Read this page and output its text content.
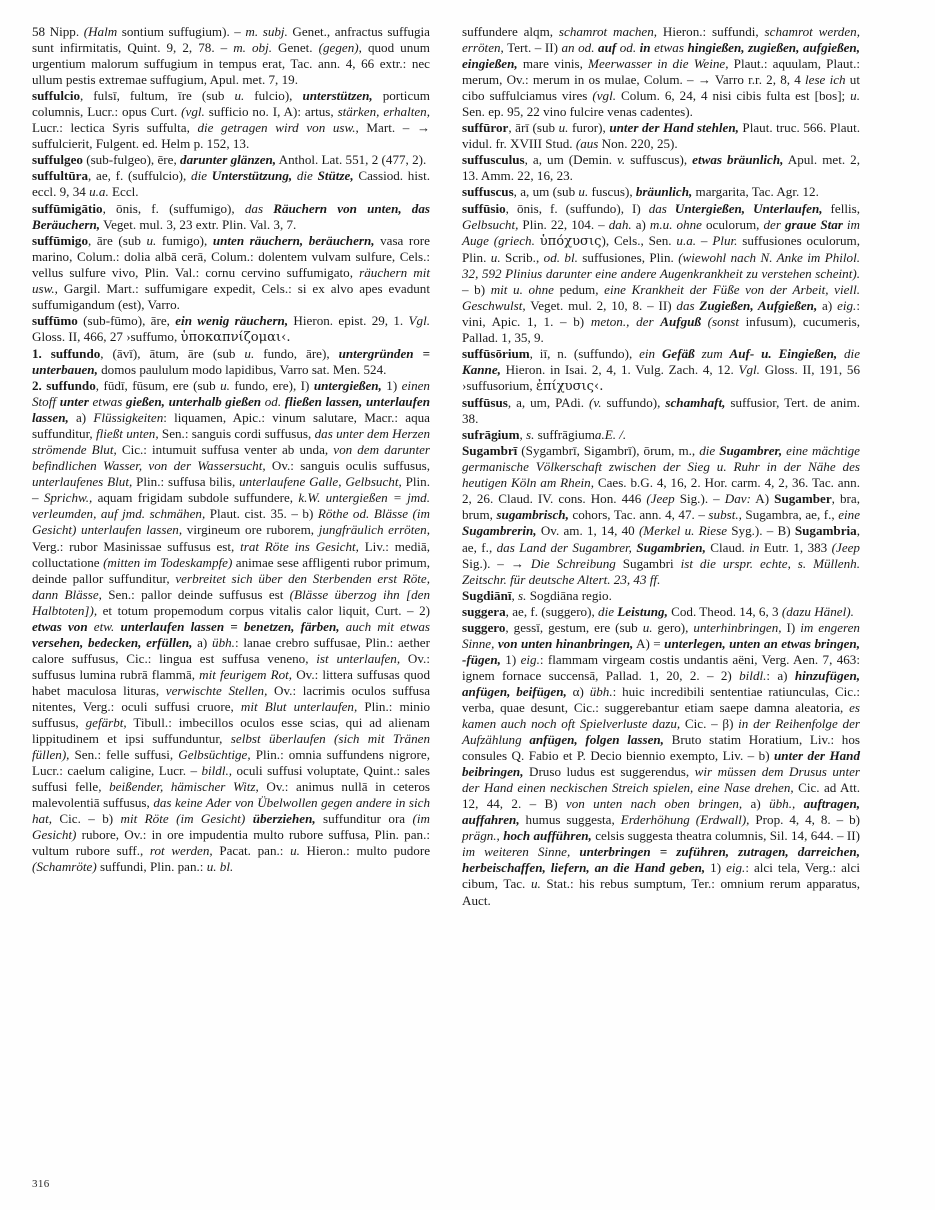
58 Nipp. (Halm sontium suffugium). – m. subj. Genet., anfractus suffugia sunt infirmitatis, Quint. 9, 2, 78. – m. obj. Genet. (gegen), quod unum urgentium malorum suffugium in tempus erat, Tac. ann. 4, 66 extr.: nec ullum pestis extremae suffugium, Apul. met. 7, 19.

suffulcio, fulsī, fultum, īre (sub u. fulcio), unterstützen, porticum columnis, Lucr.: opus Curt. (vgl. sufficio no. I, A): artus, stärken, erhalten, Lucr.: lectica Syris suffulta, die getragen wird von usw., Mart. – → suffulcierit, Fulgent. ed. Helm p. 152, 13.

suffulgeo (sub-fulgeo), ēre, darunter glänzen, Anthol. Lat. 551, 2 (477, 2).

suffultūra, ae, f. (suffulcio), die Unterstützung, die Stütze, Cassiod. hist. eccl. 9, 34 u.a. Eccl.

suffūmigātio, ōnis, f. (suffumigo), das Räuchern von unten, das Beräuchern, Veget. mul. 3, 23 extr. Plin. Val. 3, 7.

suffūmigo, āre (sub u. fumigo), unten räuchern, beräuchern, vasa rore marino, Colum.: dolia albā cerā, Colum.: dolentem vulvam sulfure, Cels.: vellus sulfure vivo, Plin. Val.: cornu cervino suffumigato, räuchern mit usw., Gargil. Mart.: suffumigare expedit, Cels.: si ex alvo apes evadunt suffumigandum (est), Varro.

suffūmo (sub-fūmo), āre, ein wenig räuchern, Hieron. epist. 29, 1. Vgl. Gloss. II, 466, 27 ›suffumo, ὑποκαπνίζομαι‹.

1. suffundo, (āvī), ātum, āre (sub u. fundo, āre), untergründen = unterbauen, domos paululum modo lapidibus, Varro sat. Men. 524.

2. suffundo, fūdī, fūsum, ere (sub u. fundo, ere), I) untergießen, 1) einen Stoff unter etwas gießen, unterhalb gießen od. fließen lassen, unterlaufen lassen, a) Flüssigkeiten: liquamen, Apic.: vinum salutare, Macr.: aqua suffunditur, fließt unten, Sen.: sanguis cordi suffusus, das unter dem Herzen strömende Blut, Cic.: intumuit suffusa venter ab unda, von dem darunter befindlichen Wasser, von der Wassersucht, Ov.: sanguis oculis suffusus, unterlaufenes Blut, Plin.: suffusa bilis, unterlaufene Galle, Gelbsucht, Plin. – Sprichw., aquam frigidam subdole suffundere, k.W. untergießen = jmd. verleumden, auf jmd. schmähen, Plaut. cist. 35. – b) Röthe od. Blässe (im Gesicht) unterlaufen lassen, virgineum ore ruborem, jungfräulich erröten, Verg.: rubor Masinissae suffusus est, trat Röte ins Gesicht, Liv.: mediā, colluctatione (mitten im Todeskampfe) animae sese affligenti rubor primum, deinde pallor suffunditur, verbreitet sich über den Sterbenden erst Röte, dann Blässe, Sen.: pallor deinde suffusus est (Blässe überzog ihn [den Halbtoten]), et totum propemodum corpus vitalis calor liquit, Curt. – 2) etwas von etw. unterlaufen lassen = benetzen, färben, auch mit etwas versehen, bedecken, erfüllen, a) übh.: lanae crebro suffusae, Plin.: aether calore suffusus, Cic.: lingua est suffusa veneno, ist unterlaufen, Ov.: suffusus lumina rubrā flammā, mit feurigem Rot, Ov.: littera suffusas quod habet maculosa lituras, verwischte Stellen, Ov.: lacrimis oculos suffusa nitentes, Verg.: oculi suffusi cruore, mit Blut unterlaufen, Plin.: minio suffusus, gefärbt, Tibull.: imbecillos oculos esse scias, qui ad alienam lippitudinem et ipsi suffunduntur, selbst überlaufen (sich mit Tränen füllen), Sen.: felle suffusi, Gelbsüchtige, Plin.: omnia suffundens nigrore, Lucr.: caelum caligine, Lucr. – bildl., oculi suffusi voluptate, Quint.: sales suffusi felle, beißender, hämischer Witz, Ov.: animus nullā in ceteros malevolentiā suffusus, das keine Ader von Übelwollen gegen andere in sich hat, Cic. – b) mit Röte (im Gesicht) überziehen, suffunditur ora (im Gesicht) rubore, Ov.: in ore impudentia multo rubore suffusa, Plin. pan.: vultum rubore suff., rot werden, Pacat. pan.: u. Hieron.: multo pudore (Schamröte) suffundi, Plin. pan.: u. bl.

suffundere alqm, schamrot machen, Hieron.: suffundi, schamrot werden, erröten, Tert. – II) an od. auf od. in etwas hingießen, zugießen, aufgießen, eingießen, mare vinis, Meerwasser in die Weine, Plaut.: aquulam, Plaut.: merum, Ov.: merum in os mulae, Colum. – → Varro r.r. 2, 8, 4 lese ich ut cibo suffulciamus vires (vgl. Colum. 6, 24, 4 nisi cibis fulta est [bos]; u. Sen. ep. 95, 22 vino fulcire venas cadentes).

suffūror, ārī (sub u. furor), unter der Hand stehlen, Plaut. truc. 566. Plaut. vidul. fr. XVIII Stud. (aus Non. 220, 25).

suffusculus, a, um (Demin. v. suffuscus), etwas bräunlich, Apul. met. 2, 13. Amm. 22, 16, 23.

suffuscus, a, um (sub u. fuscus), bräunlich, margarita, Tac. Agr. 12.

suffūsio, ōnis, f. (suffundo), I) das Untergießen, Unterlaufen, fellis, Gelbsucht, Plin. 22, 104. – dah. a) m.u. ohne oculorum, der graue Star im Auge (griech. ὑπόχυσις), Cels., Sen. u.a. – Plur. suffusiones oculorum, Plin. u. Scrib., od. bl. suffusiones, Plin. (wiewohl nach N. Anke im Philol. 32, 592 Plinius darunter eine andere Augenkrankheit zu verstehen scheint). – b) mit u. ohne pedum, eine Krankheit der Füße von der Arbeit, viell. Geschwulst, Veget. mul. 2, 10, 8. – II) das Zugießen, Aufgießen, a) eig.: vini, Apic. 1, 1. – b) meton., der Aufguß (sonst infusum), cucumeris, Pallad. 1, 35, 9.

suffūsōrium, iī, n. (suffundo), ein Gefäß zum Auf- u. Eingießen, die Kanne, Hieron. in Isai. 2, 4, 1. Vulg. Zach. 4, 12. Vgl. Gloss. II, 191, 56 ›suffusorium, ἐπίχυσις‹.

suffūsus, a, um, PAdi. (v. suffundo), schamhaft, suffusior, Tert. de anim. 38.

sufrāgium, s. suffrāgiuma.E. /.

Sugambrī (Sygambrī, Sigambrī), ōrum, m., die Sugambrer, eine mächtige germanische Völkerschaft zwischen der Sieg u. Ruhr in der Nähe des heutigen Köln am Rhein, Caes. b.G. 4, 16, 2. Hor. carm. 4, 2, 36. Tac. ann. 2, 26. Claud. IV. cons. Hon. 446 (Jeep Sig.). – Dav: A) Sugamber, bra, brum, sugambrisch, cohors, Tac. ann. 4, 47. – subst., Sugambra, ae, f., eine Sugambrerin, Ov. am. 1, 14, 40 (Merkel u. Riese Syg.). – B) Sugambria, ae, f., das Land der Sugambrer, Sugambrien, Claud. in Eutr. 1, 383 (Jeep Sig.). – → Die Schreibung Sugambri ist die urspr. echte, s. Müllenh. Zeitschr. für deutsche Altert. 23, 43 ff.

Sugdiānī, s. Sogdiāna regio.

suggera, ae, f. (suggero), die Leistung, Cod. Theod. 14, 6, 3 (dazu Hänel).

suggero, gessī, gestum, ere (sub u. gero), unterhinbringen, I) im engeren Sinne, von unten hinanbringen, A) = unterlegen, unten an etwas bringen, -fügen, 1) eig.: flammam virgeam costis undantis aëni, Verg. Aen. 7, 463: ignem fornace succensā, Pallad. 1, 20, 2. – 2) bildl.: a) hinzufügen, anfügen, beifügen, α) übh.: huic incredibili sententiae ratiunculas, Cic.: verba, quae desunt, Cic.: suggerebantur etiam saepe damna aleatoria, es kamen auch noch oft Spielverluste dazu, Cic. – β) in der Reihenfolge der Aufzählung anfügen, folgen lassen, Bruto statim Horatium, Liv.: hos consules Q. Fabio et P. Decio biennio exempto, Liv. – b) unter der Hand beibringen, Druso ludus est suggerendus, wir müssen dem Drusus unter der Hand einen neckischen Streich spielen, eine Nase drehen, Cic. ad Att. 12, 44, 2. – B) von unten nach oben bringen, a) übh., auftragen, auffahren, humus suggesta, Erderhöhung (Erdwall), Prop. 4, 4, 8. – b) prägn., hoch aufführen, celsis suggesta theatra columnis, Sil. 14, 644. – II) im weiteren Sinne, unterbringen = zuführen, zutragen, darreichen, herbeischaffen, liefern, an die Hand geben, 1) eig.: alci tela, Verg.: alci cibum, Tac. u. Stat.: his rebus sumptum, Ter.: omnium rerum apparatus, Auct.

316
